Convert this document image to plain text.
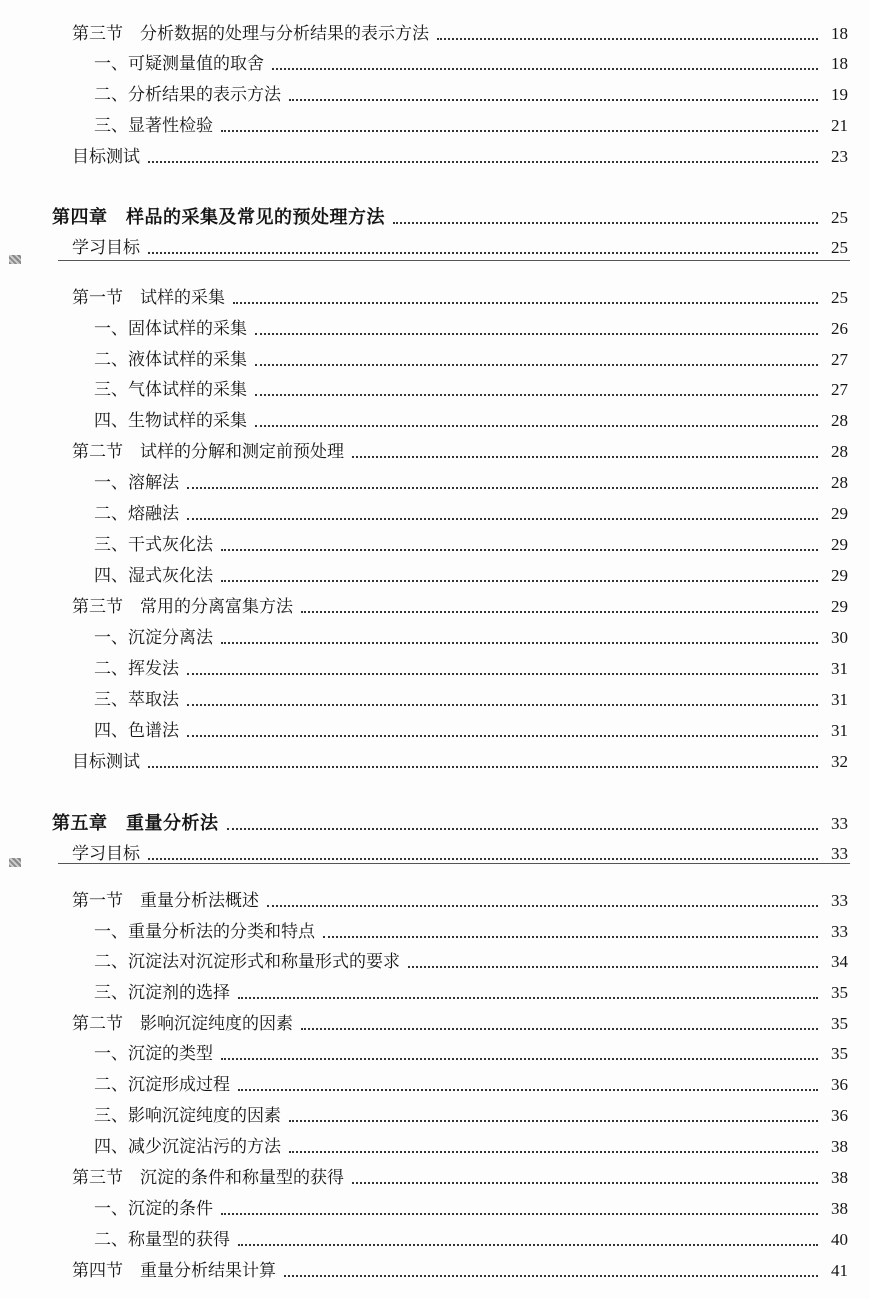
第三节　分析数据的处理与分析结果的表示方法	18
一、可疑测量值的取舍	18
二、分析结果的表示方法	19
三、显著性检验	21
目标测试	23
第四章　样品的采集及常见的预处理方法	25
学习目标	25
第一节　试样的采集	25
一、固体试样的采集	26
二、液体试样的采集	27
三、气体试样的采集	27
四、生物试样的采集	28
第二节　试样的分解和测定前预处理	28
一、溶解法	28
二、熔融法	29
三、干式灰化法	29
四、湿式灰化法	29
第三节　常用的分离富集方法	29
一、沉淀分离法	30
二、挥发法	31
三、萃取法	31
四、色谱法	31
目标测试	32
第五章　重量分析法	33
学习目标	33
第一节　重量分析法概述	33
一、重量分析法的分类和特点	33
二、沉淀法对沉淀形式和称量形式的要求	34
三、沉淀剂的选择	35
第二节　影响沉淀纯度的因素	35
一、沉淀的类型	35
二、沉淀形成过程	36
三、影响沉淀纯度的因素	36
四、减少沉淀沾污的方法	38
第三节　沉淀的条件和称量型的获得	38
一、沉淀的条件	38
二、称量型的获得	40
第四节　重量分析结果计算	41
